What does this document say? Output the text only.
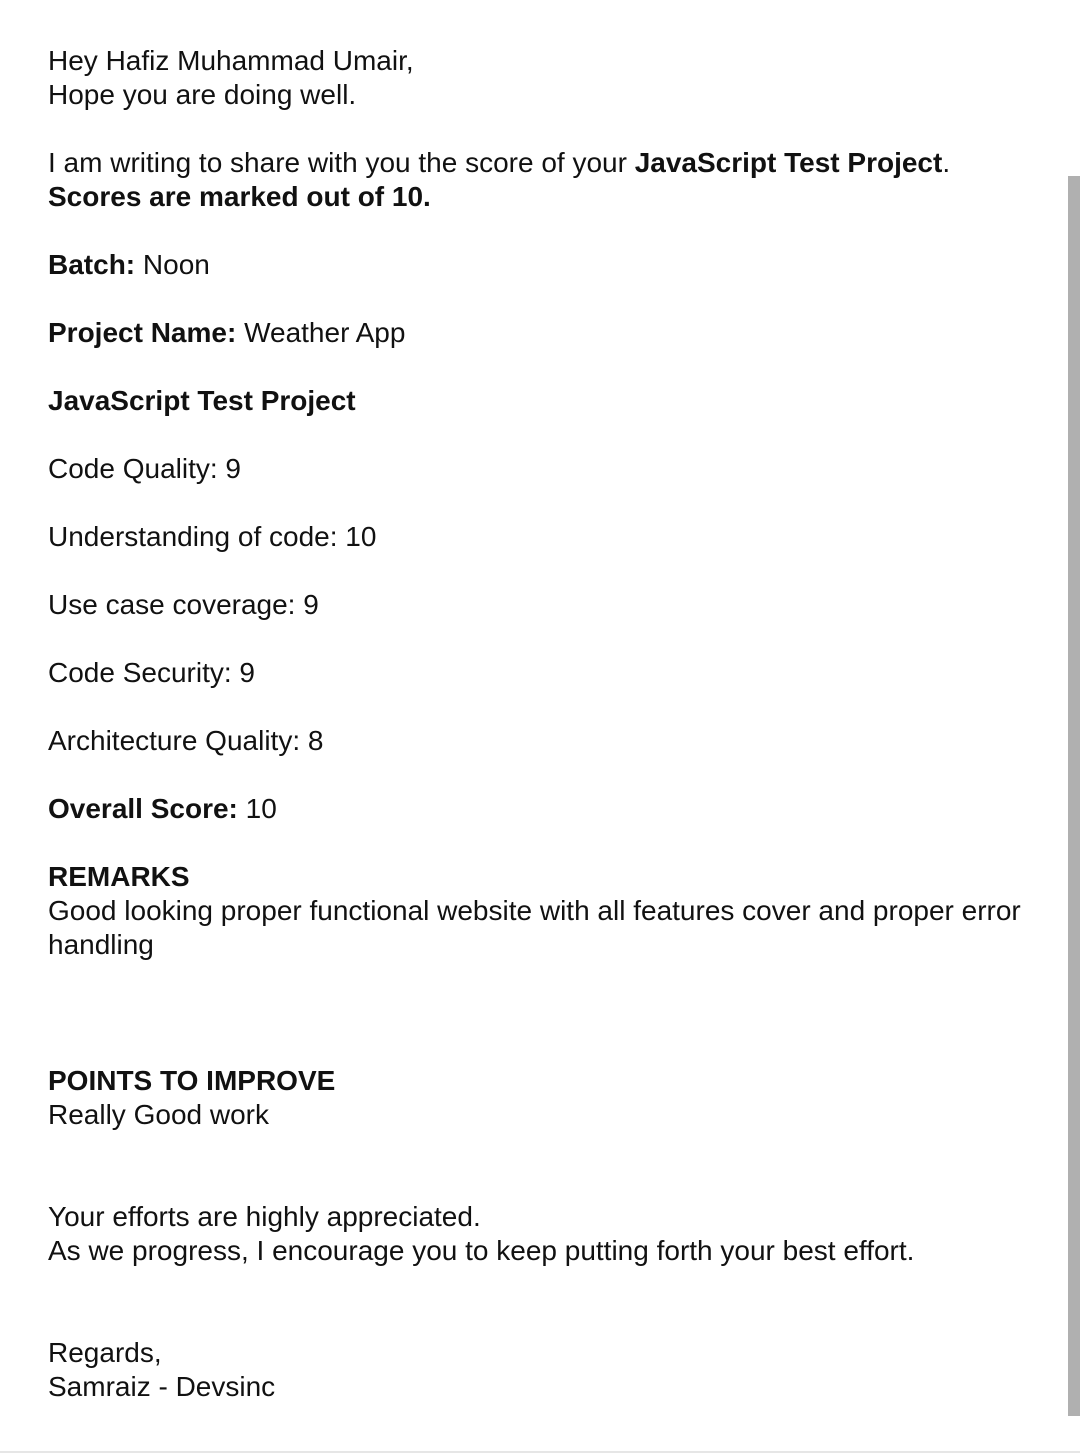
Hey Hafiz Muhammad Umair,

Hope you are doing well.

I am writing to share with you the score of your JavaScript Test Project.

Scores are marked out of 10.

Batch: Noon

Project Name: Weather App

JavaScript Test Project

Code Quality: 9

Understanding of code: 10

Use case coverage: 9

Code Security: 9

Architecture Quality: 8

Overall Score: 10

REMARKS

Good looking proper functional website with all features cover and proper error handling

POINTS TO IMPROVE

Really Good work

Your efforts are highly appreciated.

As we progress, I encourage you to keep putting forth your best effort.

Regards,

Samraiz - Devsinc
